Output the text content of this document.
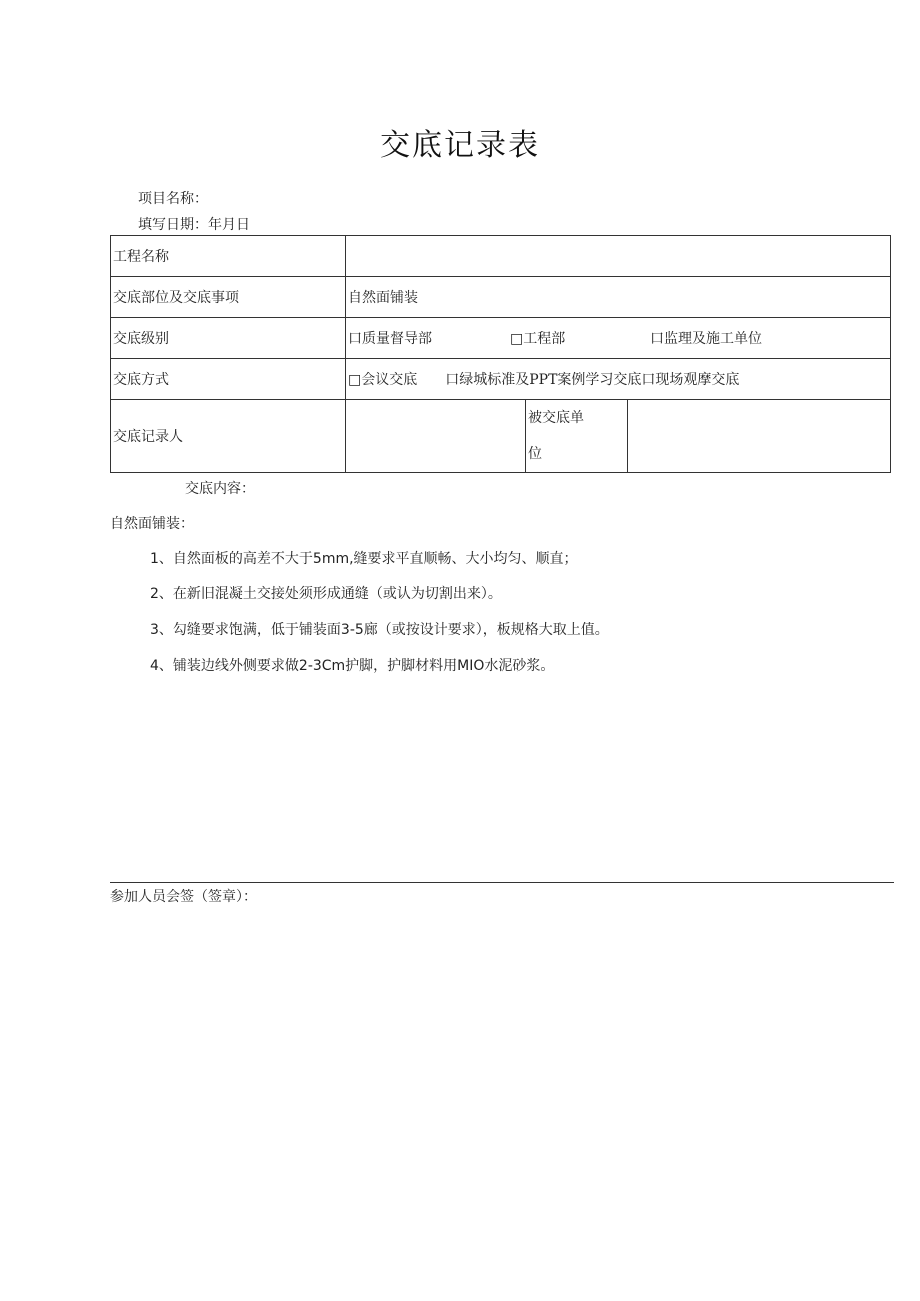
交底记录表
项目名称：
填写日期：年月日
工程名称			
交底部位及交底事项	自然面铺装		
交底级别	口质量督导部 □工程部 口监理及施工单位		
交底方式	□会议交底　　口绿城标准及PPT案例学习交底口现场观摩交底		
交底记录人		被交底单
位	

交底内容：
自然面铺装：
1、自然面板的高差不大于5mm,缝要求平直顺畅、大小均匀、顺直；
2、在新旧混凝土交接处须形成通缝（或认为切割出来）。
3、勾缝要求饱满，低于铺装面3-5廊（或按设计要求），板规格大取上值。
4、铺装边线外侧要求做2-3Cm护脚，护脚材料用MIO水泥砂浆。
参加人员会签（签章）：
